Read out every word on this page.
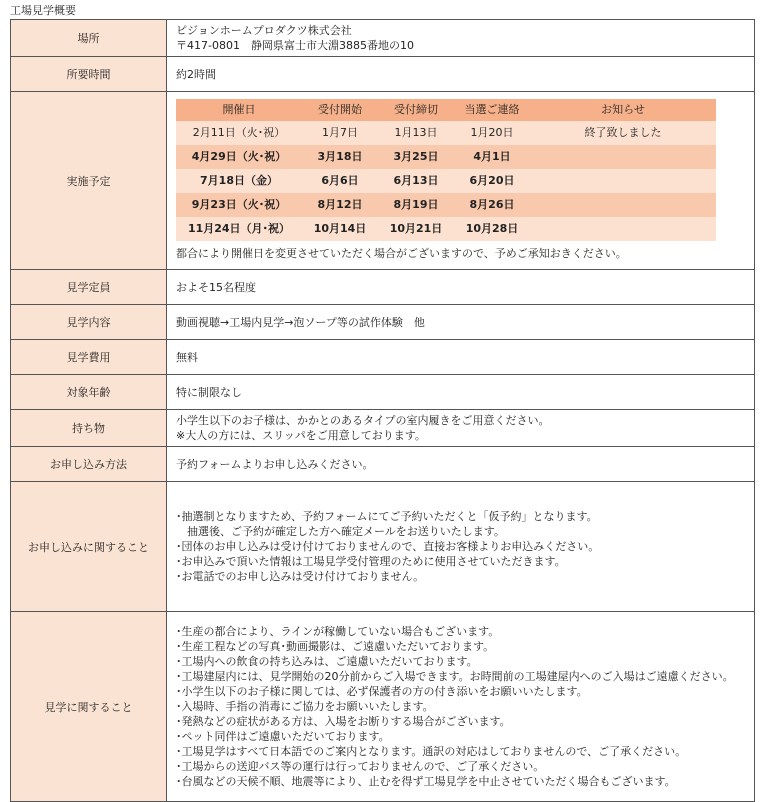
工場見学概要
場所	
ピジョンホームプロダクツ株式会社
〒417-0801　静岡県富士市大淵3885番地の10

所要時間	約2時間
実施予定	
開催日	受付開始	受付締切	当選ご連絡	お知らせ
2月11日（火･祝）	1月7日	1月13日	1月20日	終了致しました
4月29日（火･祝）	3月18日	3月25日	4月1日	
7月18日（金）	6月6日	6月13日	6月20日	
9月23日（火･祝）	8月12日	8月19日	8月26日	
11月24日（月･祝）	10月14日	10月21日	10月28日	
都合により開催日を変更させていただく場合がございますので、予めご承知おきください。

見学定員	およそ15名程度
見学内容	動画視聴→工場内見学→泡ソープ等の試作体験　他
見学費用	無料
対象年齢	特に制限なし
持ち物	
小学生以下のお子様は、かかとのあるタイプの室内履きをご用意ください。
※大人の方には、スリッパをご用意しております。

お申し込み方法	予約フォームよりお申し込みください。
お申し込みに関すること	
･抽選制となりますため、予約フォームにてご予約いただくと「仮予約」となります。
　抽選後、ご予約が確定した方へ確定メールをお送りいたします。
･団体のお申し込みは受け付けておりませんので、直接お客様よりお申込みください。
･お申込みで頂いた情報は工場見学受付管理のために使用させていただきます。
･お電話でのお申し込みは受け付けておりません。

見学に関すること	
･生産の都合により、ラインが稼働していない場合もございます。
･生産工程などの写真･動画撮影は、ご遠慮いただいております。
･工場内への飲食の持ち込みは、ご遠慮いただいております。
･工場建屋内には、見学開始の20分前からご入場できます。お時間前の工場建屋内へのご入場はご遠慮ください。
･小学生以下のお子様に関しては、必ず保護者の方の付き添いをお願いいたします。
･入場時、手指の消毒にご協力をお願いいたします。
･発熱などの症状がある方は、入場をお断りする場合がございます。
･ペット同伴はご遠慮いただいております。
･工場見学はすべて日本語でのご案内となります。通訳の対応はしておりませんので、ご了承ください。
･工場からの送迎バス等の運行は行っておりませんので、ご了承ください。
･台風などの天候不順、地震等により、止むを得ず工場見学を中止させていただく場合もございます。
